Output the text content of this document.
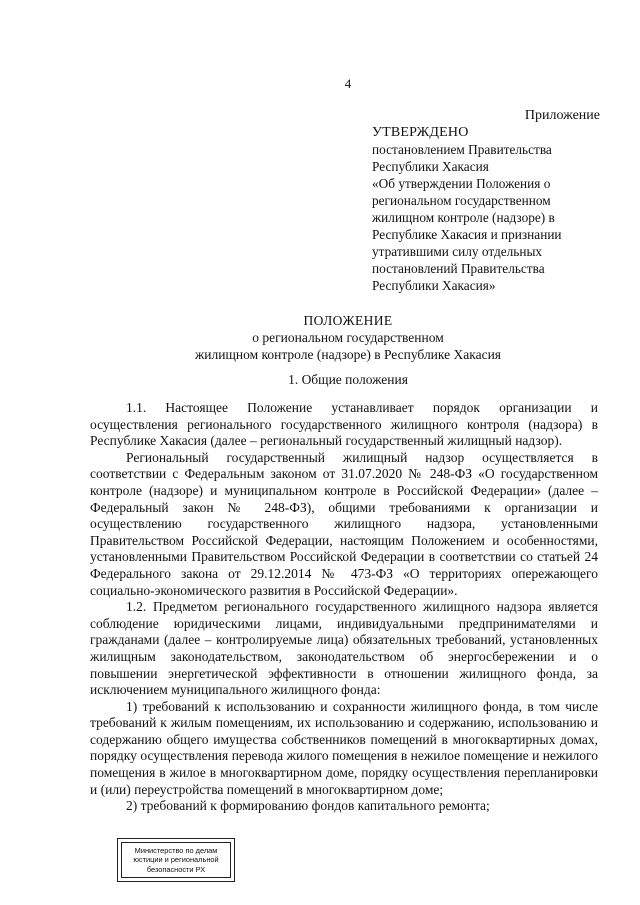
4
Приложение
УТВЕРЖДЕНО
постановлением Правительства
Республики Хакасия
«Об утверждении Положения о
региональном государственном
жилищном контроле (надзоре) в
Республике Хакасия и признании
утратившими силу отдельных
постановлений Правительства
Республики Хакасия»
ПОЛОЖЕНИЕ
о региональном государственном
жилищном контроле (надзоре) в Республике Хакасия
1. Общие положения

1.1.   Настоящее   Положение   устанавливает   порядок   организации   и осуществления регионального государственного жилищного контроля (надзора) в Республике Хакасия (далее – региональный государственный жилищный надзор).

Региональный государственный жилищный надзор осуществляется в соответствии с Федеральным законом от 31.07.2020 № 248-ФЗ «О государственном контроле (надзоре) и муниципальном контроле в Российской Федерации» (далее – Федеральный закон № 248-ФЗ), общими требованиями к организации и осуществлению государственного жилищного надзора, установленными Правительством Российской Федерации, настоящим Положением и особенностями, установленными Правительством Российской Федерации в соответствии со статьей 24 Федерального закона от 29.12.2014 № 473-ФЗ «О территориях опережающего социально-экономического развития в Российской Федерации».

1.2. Предметом регионального государственного жилищного надзора является соблюдение юридическими лицами, индивидуальными предпринимателями и гражданами (далее – контролируемые лица) обязательных требований, установленных жилищным законодательством, законодательством об энергосбережении и о повышении энергетической эффективности в отношении жилищного фонда, за исключением муниципального жилищного фонда:

1) требований к использованию и сохранности жилищного фонда, в том числе требований к жилым помещениям, их использованию и содержанию, использованию и содержанию общего имущества собственников помещений в многоквартирных домах, порядку осуществления перевода жилого помещения в нежилое помещение и нежилого помещения в жилое в многоквартирном доме, порядку осуществления перепланировки и (или) переустройства помещений в многоквартирном доме;

2) требований к формированию фондов капитального ремонта;

Министерство по делам
юстиции и региональной
безопасности РХ
